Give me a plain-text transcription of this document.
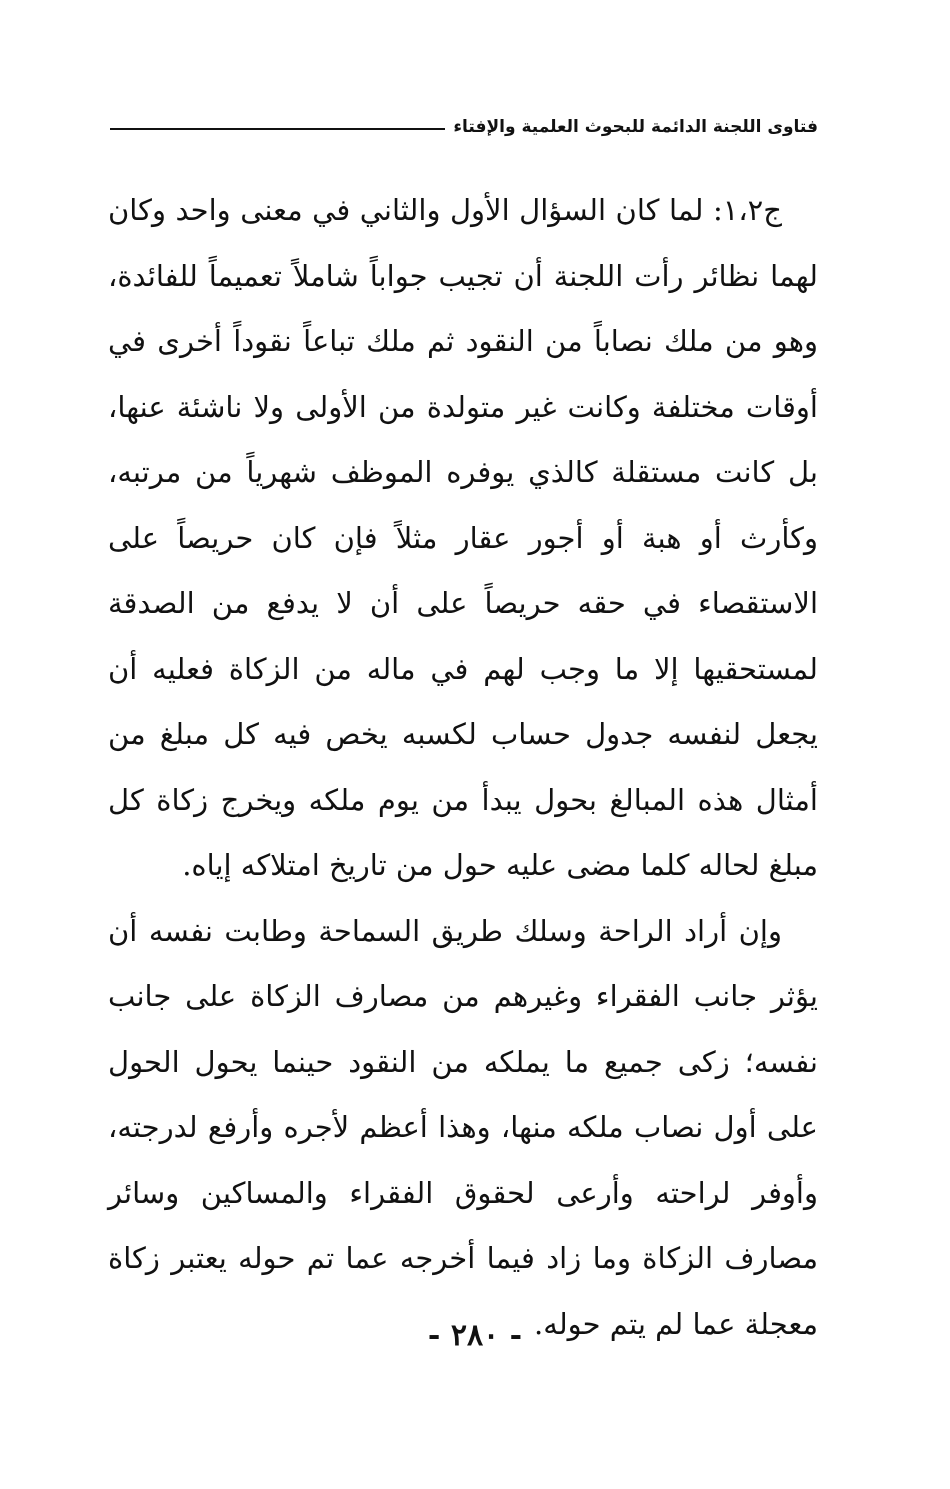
فتاوى اللجنة الدائمة للبحوث العلمية والإفتاء

ج١،٢: لما كان السؤال الأول والثاني في معنى واحد وكان لهما نظائر رأت اللجنة أن تجيب جواباً شاملاً تعميماً للفائدة، وهو من ملك نصاباً من النقود ثم ملك تباعاً نقوداً أخرى في أوقات مختلفة وكانت غير متولدة من الأولى ولا ناشئة عنها، بل كانت مستقلة كالذي يوفره الموظف شهرياً من مرتبه، وكأرث أو هبة أو أجور عقار مثلاً فإن كان حريصاً على الاستقصاء في حقه حريصاً على أن لا يدفع من الصدقة لمستحقيها إلا ما وجب لهم في ماله من الزكاة فعليه أن يجعل لنفسه جدول حساب لكسبه يخص فيه كل مبلغ من أمثال هذه المبالغ بحول يبدأ من يوم ملكه ويخرج زكاة كل مبلغ لحاله كلما مضى عليه حول من تاريخ امتلاكه إياه.

وإن أراد الراحة وسلك طريق السماحة وطابت نفسه أن يؤثر جانب الفقراء وغيرهم من مصارف الزكاة على جانب نفسه؛ زكى جميع ما يملكه من النقود حينما يحول الحول على أول نصاب ملكه منها، وهذا أعظم لأجره وأرفع لدرجته، وأوفر لراحته وأرعى لحقوق الفقراء والمساكين وسائر مصارف الزكاة وما زاد فيما أخرجه عما تم حوله يعتبر زكاة معجلة عما لم يتم حوله.

- ٢٨٠ -
